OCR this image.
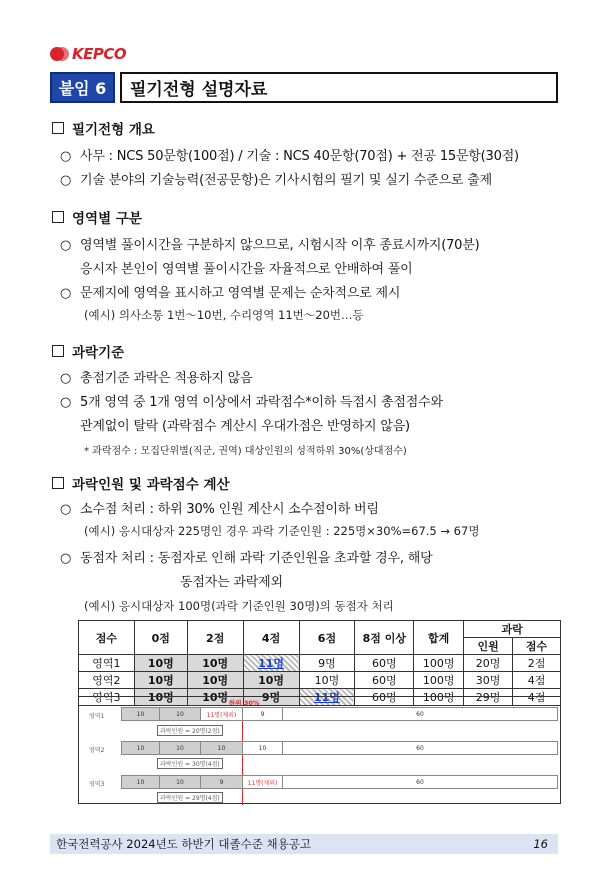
KEPCO
붙임 6	필기전형 설명자료
필기전형 개요
○ 사무 : NCS 50문항(100점) / 기술 : NCS 40문항(70점) + 전공 15문항(30점)
○ 기술 분야의 기술능력(전공문항)은 기사시험의 필기 및 실기 수준으로 출제
영역별 구분
○ 영역별 풀이시간을 구분하지 않으므로, 시험시작 이후 종료시까지(70분)
응시자 본인이 영역별 풀이시간을 자율적으로 안배하여 풀이
○ 문제지에 영역을 표시하고 영역별 문제는 순차적으로 제시
(예시) 의사소통 1번～10번, 수리영역 11번～20번…등
과락기준
○ 총점기준 과락은 적용하지 않음
○ 5개 영역 중 1개 영역 이상에서 과락점수*이하 득점시 총점점수와
관계없이 탈락 (과락점수 계산시 우대가점은 반영하지 않음)
* 과락점수 : 모집단위별(직군, 권역) 대상인원의 성적하위 30%(상대점수)
과락인원 및 과락점수 계산
○ 소수점 처리 : 하위 30% 인원 계산시 소수점이하 버림
(예시) 응시대상자 225명인 경우 과락 기준인원 : 225명×30%=67.5 → 67명
○ 동점자 처리 : 동점자로 인해 과락 기준인원을 초과할 경우, 해당
동점자는 과락제외
(예시) 응시대상자 100명(과락 기준인원 30명)의 동점자 처리
점수	0점	2점	4점	6점	8점 이상	합계	과락	
							인원	점수
영역1	10명	10명	11명	9명	60명	100명	20명	2점
영역2	10명	10명	10명	10명	60명	100명	30명	4점
영역3	10명	10명	9명	11명	60명	100명	29명	4점
하위 30%
영역1	10	10	11명(제외)	9	60
과락인원 = 20명(2점)
영역2	10	10	10	10	60
과락인원 = 30명(4점)
영역3	10	10	9	11명(제외)	60
과락인원 = 29명(4점)
한국전력공사 2024년도 하반기 대졸수준 채용공고	16
